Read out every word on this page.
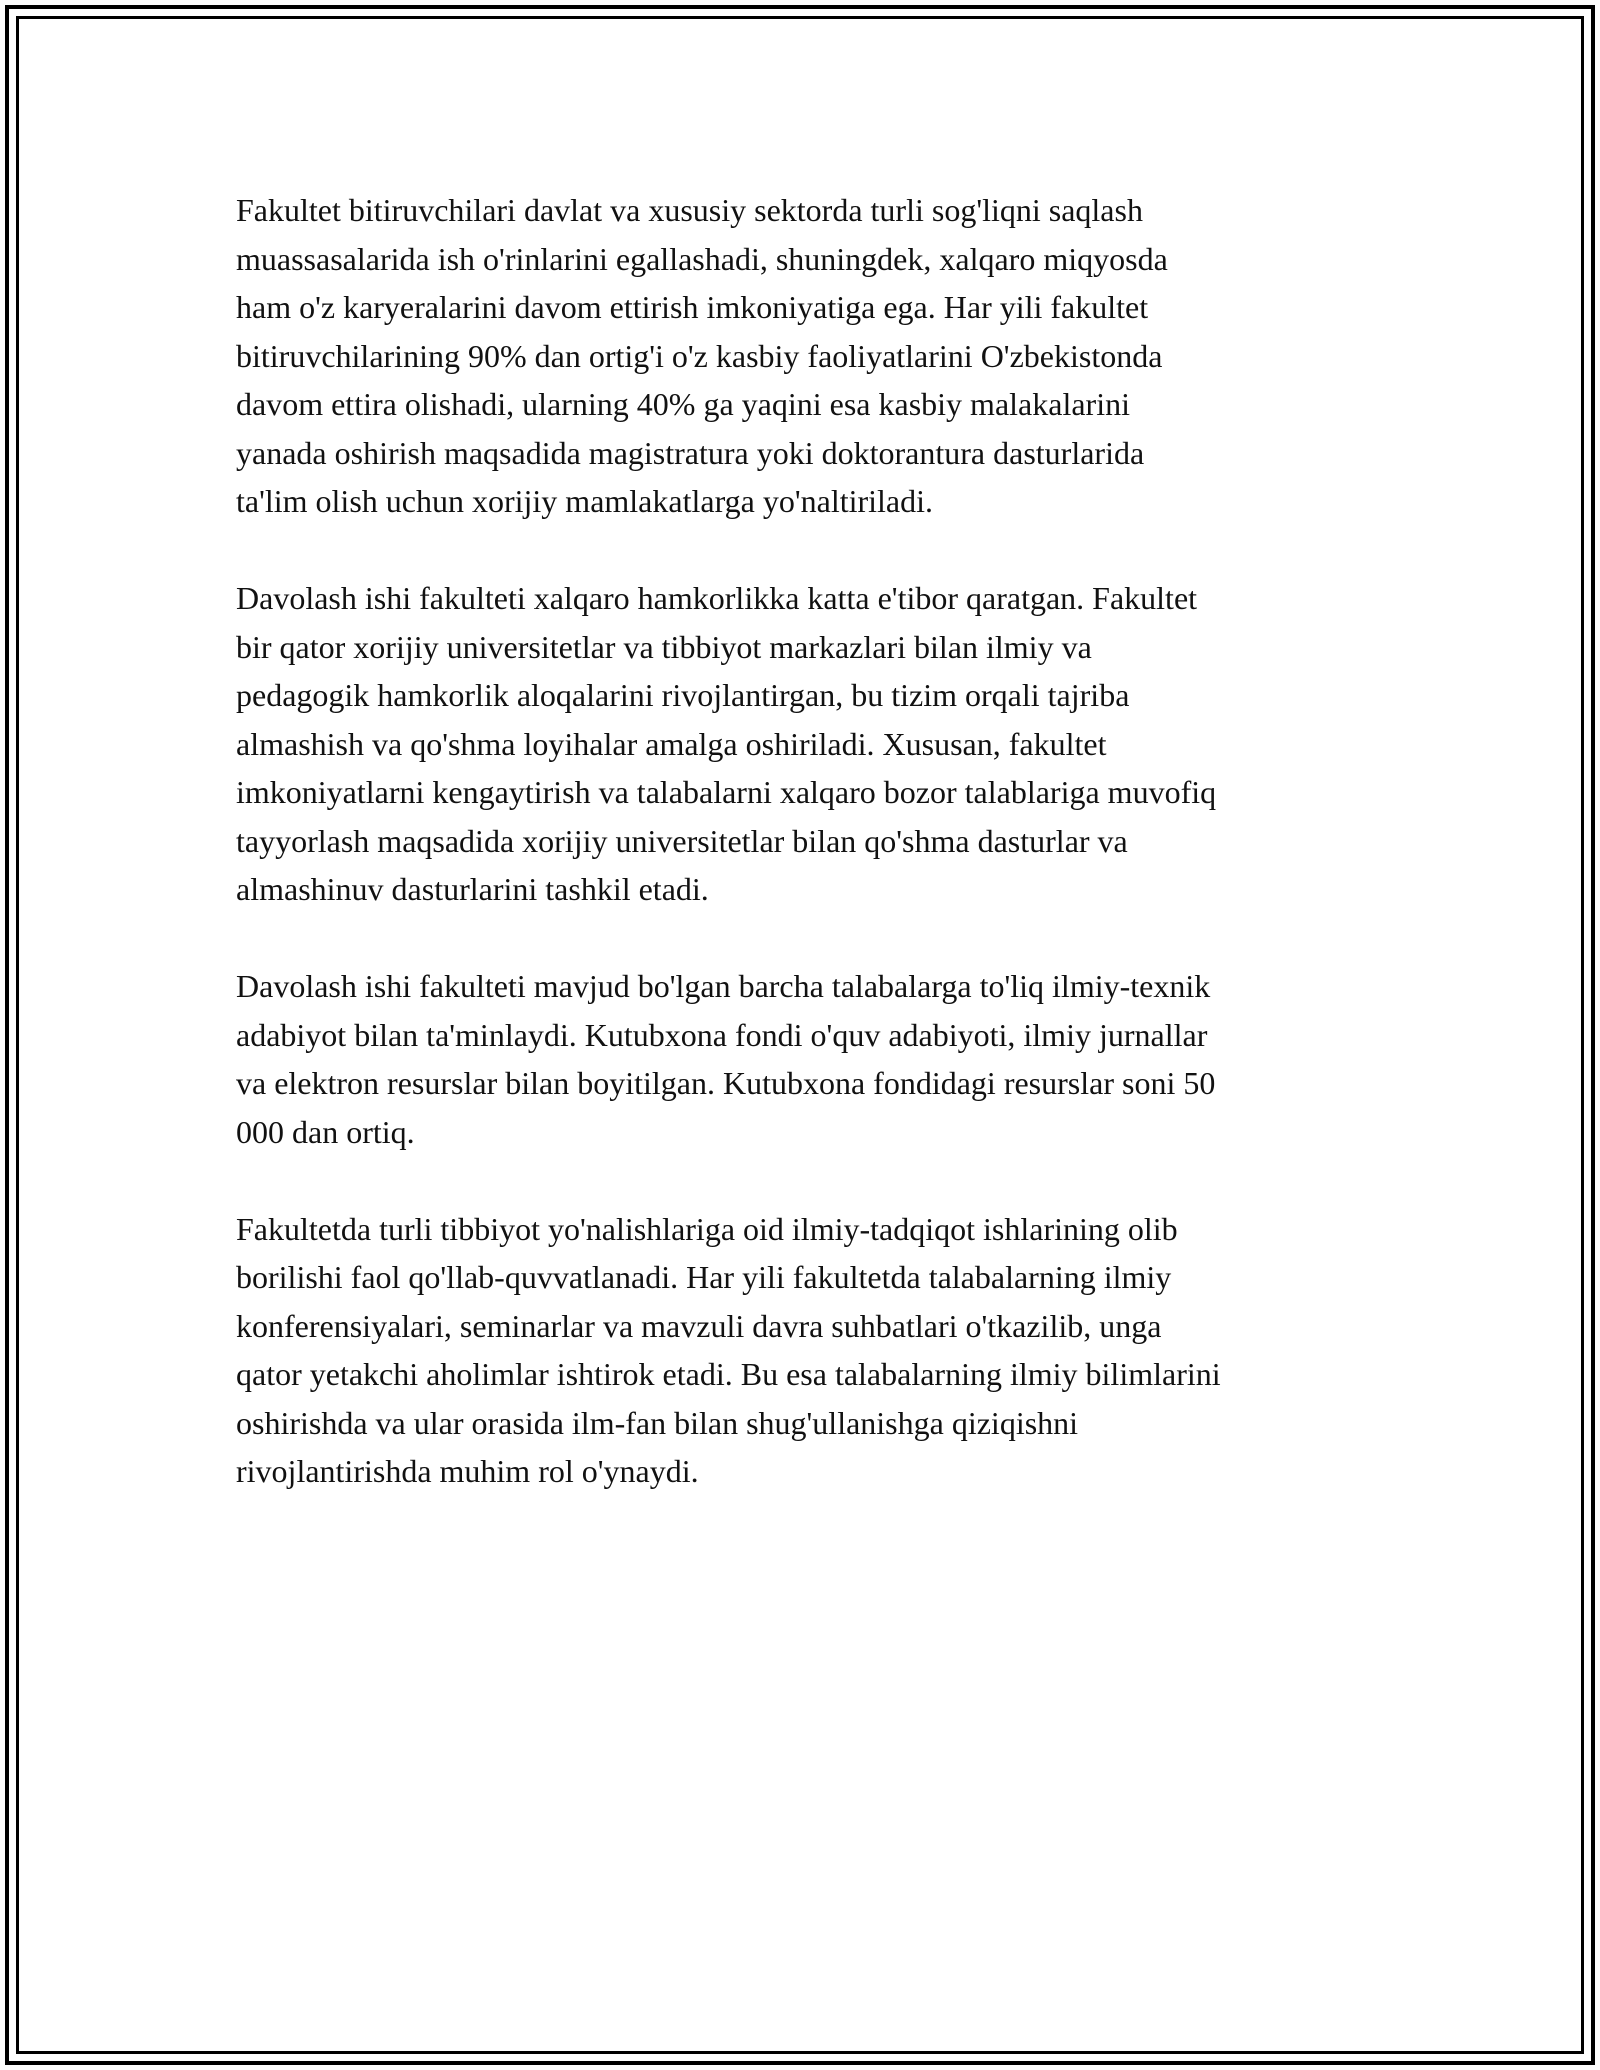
Fakultet bitiruvchilari davlat va xususiy sektorda turli sog'liqni saqlash
muassasalarida ish o'rinlarini egallashadi, shuningdek, xalqaro miqyosda
ham o'z karyeralarini davom ettirish imkoniyatiga ega. Har yili fakultet
bitiruvchilarining 90% dan ortig'i o'z kasbiy faoliyatlarini O'zbekistonda
davom ettira olishadi, ularning 40% ga yaqini esa kasbiy malakalarini
yanada oshirish maqsadida magistratura yoki doktorantura dasturlarida
ta'lim olish uchun xorijiy mamlakatlarga yo'naltiriladi.

Davolash ishi fakulteti xalqaro hamkorlikka katta e'tibor qaratgan. Fakultet
bir qator xorijiy universitetlar va tibbiyot markazlari bilan ilmiy va
pedagogik hamkorlik aloqalarini rivojlantirgan, bu tizim orqali tajriba
almashish va qo'shma loyihalar amalga oshiriladi. Xususan, fakultet
imkoniyatlarni kengaytirish va talabalarni xalqaro bozor talablariga muvofiq
tayyorlash maqsadida xorijiy universitetlar bilan qo'shma dasturlar va
almashinuv dasturlarini tashkil etadi.

Davolash ishi fakulteti mavjud bo'lgan barcha talabalarga to'liq ilmiy-texnik
adabiyot bilan ta'minlaydi. Kutubxona fondi o'quv adabiyoti, ilmiy jurnallar
va elektron resurslar bilan boyitilgan. Kutubxona fondidagi resurslar soni 50
000 dan ortiq.

Fakultetda turli tibbiyot yo'nalishlariga oid ilmiy-tadqiqot ishlarining olib
borilishi faol qo'llab-quvvatlanadi. Har yili fakultetda talabalarning ilmiy
konferensiyalari, seminarlar va mavzuli davra suhbatlari o'tkazilib, unga
qator yetakchi aholimlar ishtirok etadi. Bu esa talabalarning ilmiy bilimlarini
oshirishda va ular orasida ilm-fan bilan shug'ullanishga qiziqishni
rivojlantirishda muhim rol o'ynaydi.
